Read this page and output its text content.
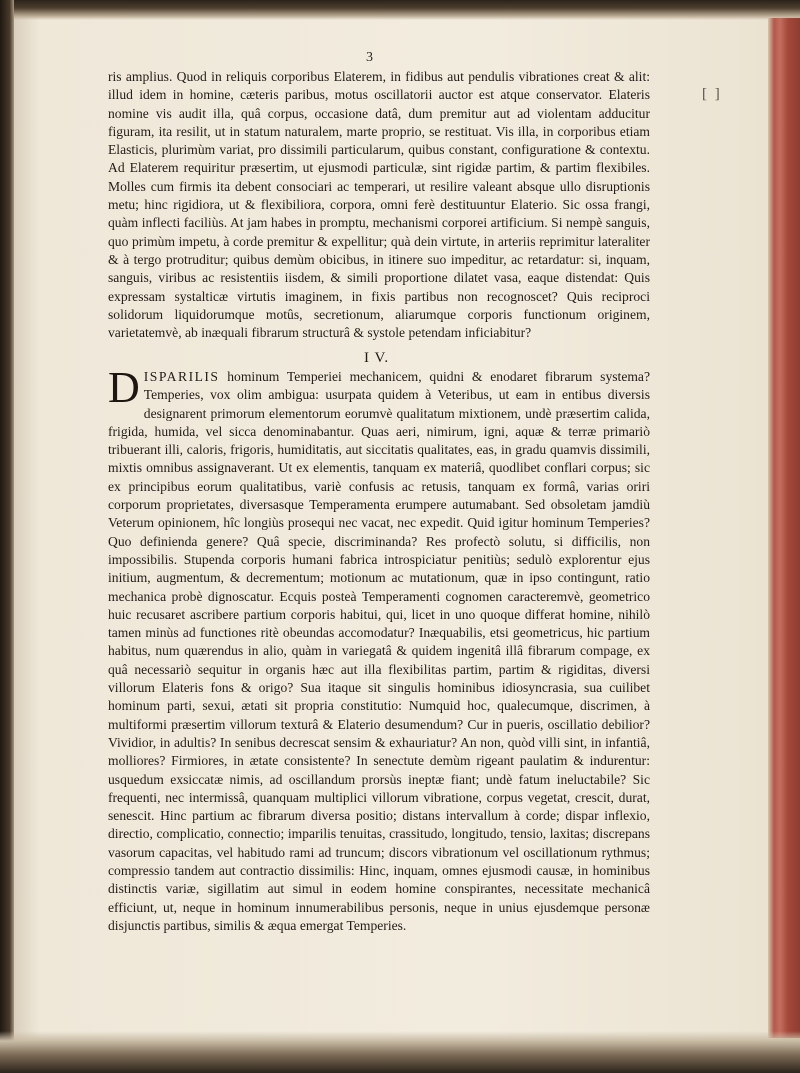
3
[ ]

ris amplius. Quod in reliquis corporibus Elaterem, in fidibus aut pendulis vibrationes creat & alit: illud idem in homine, cæteris paribus, motus oscillatorii auctor est atque conservator. Elateris nomine vis audit illa, quâ corpus, occasione datâ, dum premitur aut ad violentam adducitur figuram, ita resilit, ut in statum naturalem, marte proprio, se restituat. Vis illa, in corporibus etiam Elasticis, plurimùm variat, pro dissimili particularum, quibus constant, configuratione & contextu. Ad Elaterem requiritur præsertim, ut ejusmodi particulæ, sint rigidæ partim, & partim flexibiles. Molles cum firmis ita debent consociari ac temperari, ut resilire valeant absque ullo disruptionis metu; hinc rigidiora, ut & flexibiliora, corpora, omni ferè destituuntur Elaterio. Sic ossa frangi, quàm inflecti faciliùs. At jam habes in promptu, mechanismi corporei artificium. Si nempè sanguis, quo primùm impetu, à corde premitur & expellitur; quà dein virtute, in arteriis reprimitur lateraliter & à tergo protruditur; quibus demùm obicibus, in itinere suo impeditur, ac retardatur: si, inquam, sanguis, viribus ac resistentiis iisdem, & simili proportione dilatet vasa, eaque distendat: Quis expressam systalticæ virtutis imaginem, in fixis partibus non recognoscet? Quis reciproci solidorum liquidorumque motûs, secretionum, aliarumque corporis functionum originem, varietatemvè, ab inæquali fibrarum structurâ & systole petendam inficiabitur?

I V.
DISPARILIS hominum Temperiei mechanicem, quidni & enodaret fibrarum systema? Temperies, vox olim ambigua: usurpata quidem à Veteribus, ut eam in entibus diversis designarent primorum elementorum eorumvè qualitatum mixtionem, undè præsertim calida, frigida, humida, vel sicca denominabantur. Quas aeri, nimirum, igni, aquæ & terræ primariò tribuerant illi, caloris, frigoris, humiditatis, aut siccitatis qualitates, eas, in gradu quamvis dissimili, mixtis omnibus assignaverant. Ut ex elementis, tanquam ex materiâ, quodlibet conflari corpus; sic ex principibus eorum qualitatibus, variè confusis ac retusis, tanquam ex formâ, varias oriri corporum proprietates, diversasque Temperamenta erumpere autumabant. Sed obsoletam jamdiù Veterum opinionem, hîc longiùs prosequi nec vacat, nec expedit. Quid igitur hominum Temperies? Quo definienda genere? Quâ specie, discriminanda? Res profectò solutu, si difficilis, non impossibilis. Stupenda corporis humani fabrica introspiciatur penitiùs; sedulò explorentur ejus initium, augmentum, & decrementum; motionum ac mutationum, quæ in ipso contingunt, ratio mechanica probè dignoscatur. Ecquis posteà Temperamenti cognomen caracteremvè, geometrico huic recusaret ascribere partium corporis habitui, qui, licet in uno quoque differat homine, nihilò tamen minùs ad functiones ritè obeundas accomodatur? Inæquabilis, etsi geometricus, hic partium habitus, num quærendus in alio, quàm in variegatâ & quidem ingenitâ illâ fibrarum compage, ex quâ necessariò sequitur in organis hæc aut illa flexibilitas partim, partim & rigiditas, diversi villorum Elateris fons & origo? Sua itaque sit singulis hominibus idiosyncrasia, sua cuilibet hominum parti, sexui, ætati sit propria constitutio: Numquid hoc, qualecumque, discrimen, à multiformi præsertim villorum texturâ & Elaterio desumendum? Cur in pueris, oscillatio debilior? Vividior, in adultis? In senibus decrescat sensim & exhauriatur? An non, quòd villi sint, in infantiâ, molliores? Firmiores, in ætate consistente? In senectute demùm rigeant paulatim & indurentur: usquedum exsiccatæ nimis, ad oscillandum prorsùs ineptæ fiant; undè fatum ineluctabile? Sic frequenti, nec intermissâ, quanquam multiplici villorum vibratione, corpus vegetat, crescit, durat, senescit. Hinc partium ac fibrarum diversa positio; distans intervallum à corde; dispar inflexio, directio, complicatio, connectio; imparilis tenuitas, crassitudo, longitudo, tensio, laxitas; discrepans vasorum capacitas, vel habitudo rami ad truncum; discors vibrationum vel oscillationum rythmus; compressio tandem aut contractio dissimilis: Hinc, inquam, omnes ejusmodi causæ, in hominibus distinctis variæ, sigillatim aut simul in eodem homine conspirantes, necessitate mechanicâ efficiunt, ut, neque in hominum innumerabilibus personis, neque in unius ejusdemque personæ disjunctis partibus, similis & æqua emergat Temperies.
